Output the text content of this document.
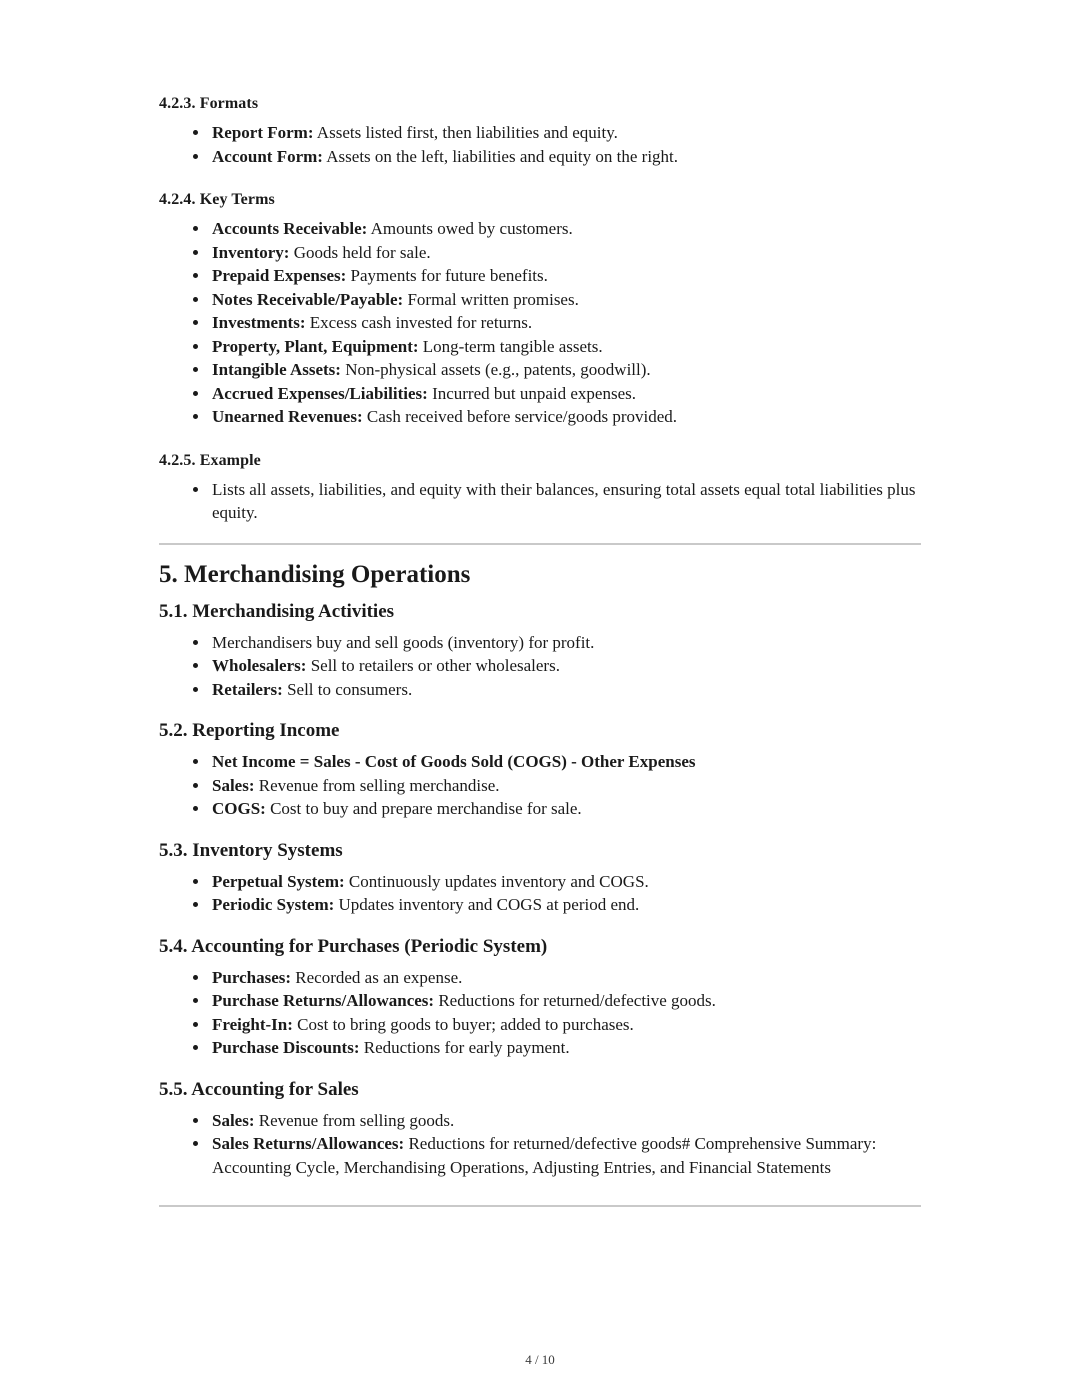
4.2.3. Formats
• Report Form: Assets listed first, then liabilities and equity.
• Account Form: Assets on the left, liabilities and equity on the right.
4.2.4. Key Terms
• Accounts Receivable: Amounts owed by customers.
• Inventory: Goods held for sale.
• Prepaid Expenses: Payments for future benefits.
• Notes Receivable/Payable: Formal written promises.
• Investments: Excess cash invested for returns.
• Property, Plant, Equipment: Long-term tangible assets.
• Intangible Assets: Non-physical assets (e.g., patents, goodwill).
• Accrued Expenses/Liabilities: Incurred but unpaid expenses.
• Unearned Revenues: Cash received before service/goods provided.
4.2.5. Example
• Lists all assets, liabilities, and equity with their balances, ensuring total assets equal total liabilities plus equity.
5. Merchandising Operations
5.1. Merchandising Activities
• Merchandisers buy and sell goods (inventory) for profit.
• Wholesalers: Sell to retailers or other wholesalers.
• Retailers: Sell to consumers.
5.2. Reporting Income
• Net Income = Sales - Cost of Goods Sold (COGS) - Other Expenses
• Sales: Revenue from selling merchandise.
• COGS: Cost to buy and prepare merchandise for sale.
5.3. Inventory Systems
• Perpetual System: Continuously updates inventory and COGS.
• Periodic System: Updates inventory and COGS at period end.
5.4. Accounting for Purchases (Periodic System)
• Purchases: Recorded as an expense.
• Purchase Returns/Allowances: Reductions for returned/defective goods.
• Freight-In: Cost to bring goods to buyer; added to purchases.
• Purchase Discounts: Reductions for early payment.
5.5. Accounting for Sales
• Sales: Revenue from selling goods.
• Sales Returns/Allowances: Reductions for returned/defective goods# Comprehensive Summary: Accounting Cycle, Merchandising Operations, Adjusting Entries, and Financial Statements
4 / 10
